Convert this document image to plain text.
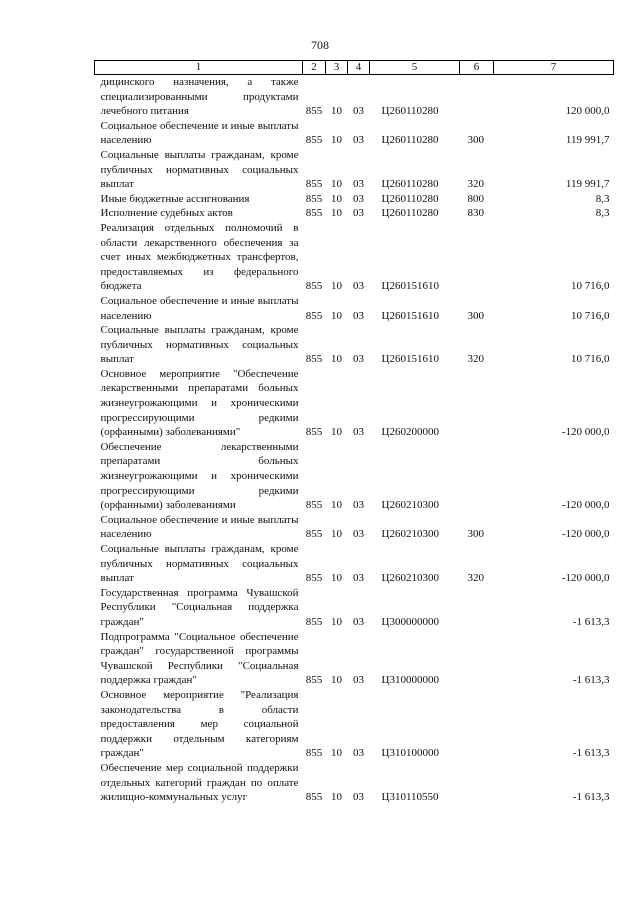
708
1	2	3	4	5	6	7
дицинского назначения, а также специализированными продуктами лечебного питания	855	10	03	Ц260110280		120 000,0
Социальное обеспечение и иные выплаты населению	855	10	03	Ц260110280	300	119 991,7
Социальные выплаты гражданам, кроме публичных нормативных социальных выплат	855	10	03	Ц260110280	320	119 991,7
Иные бюджетные ассигнования	855	10	03	Ц260110280	800	8,3
Исполнение судебных актов	855	10	03	Ц260110280	830	8,3
Реализация отдельных полномочий в области лекарственного обеспечения за счет иных межбюджетных трансфертов, предоставляемых из федерального бюджета	855	10	03	Ц260151610		10 716,0
Социальное обеспечение и иные выплаты населению	855	10	03	Ц260151610	300	10 716,0
Социальные выплаты гражданам, кроме публичных нормативных социальных выплат	855	10	03	Ц260151610	320	10 716,0
Основное мероприятие "Обеспечение лекарственными препаратами больных жизнеугрожающими и хроническими прогрессирующими редкими (орфанными) заболеваниями"	855	10	03	Ц260200000		-120 000,0
Обеспечение лекарственными препаратами больных жизнеугрожающими и хроническими прогрессирующими редкими (орфанными) заболеваниями	855	10	03	Ц260210300		-120 000,0
Социальное обеспечение и иные выплаты населению	855	10	03	Ц260210300	300	-120 000,0
Социальные выплаты гражданам, кроме публичных нормативных социальных выплат	855	10	03	Ц260210300	320	-120 000,0
Государственная программа Чувашской Республики "Социальная поддержка граждан"	855	10	03	Ц300000000		-1 613,3
Подпрограмма "Социальное обеспечение граждан" государственной программы Чувашской Республики "Социальная поддержка граждан"	855	10	03	Ц310000000		-1 613,3
Основное мероприятие "Реализация законодательства в области предоставления мер социальной поддержки отдельным категориям граждан"	855	10	03	Ц310100000		-1 613,3
Обеспечение мер социальной поддержки отдельных категорий граждан по оплате жилищно-коммунальных услуг	855	10	03	Ц310110550		-1 613,3
